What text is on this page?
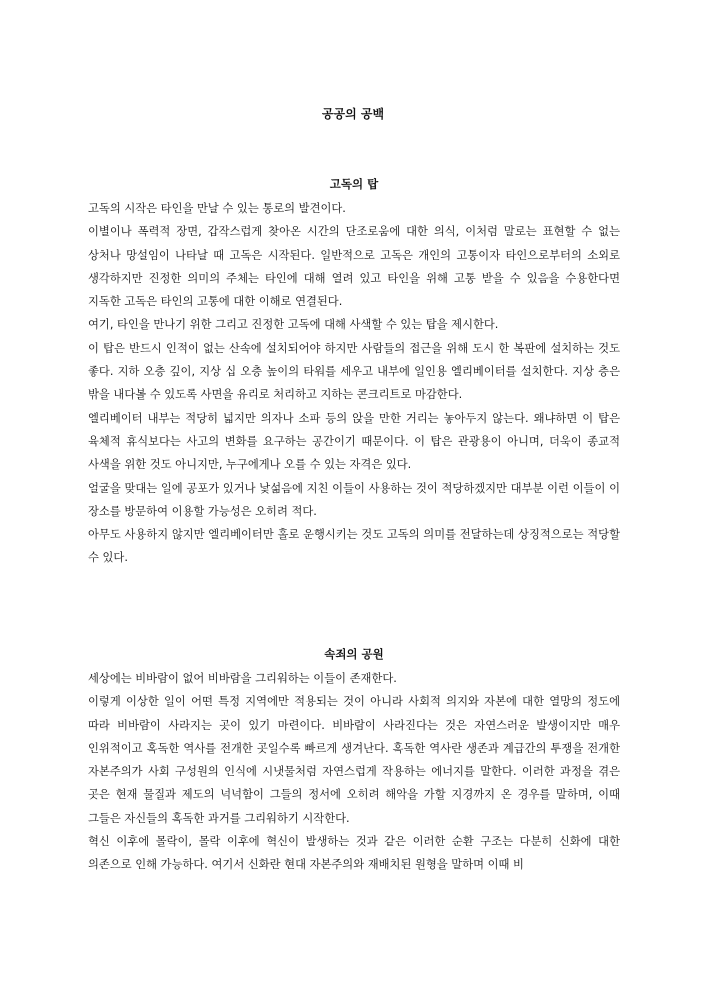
공공의 공백
고독의 탑

고독의 시작은 타인을 만날 수 있는 통로의 발견이다.

이별이나 폭력적 장면, 갑작스럽게 찾아온 시간의 단조로움에 대한 의식, 이처럼 말로는 표현할 수 없는 상처나 망설임이 나타날 때 고독은 시작된다. 일반적으로 고독은 개인의 고통이자 타인으로부터의 소외로 생각하지만 진정한 의미의 주체는 타인에 대해 열려 있고 타인을 위해 고통 받을 수 있음을 수용한다면 지독한 고독은 타인의 고통에 대한 이해로 연결된다.

여기, 타인을 만나기 위한 그리고 진정한 고독에 대해 사색할 수 있는 탑을 제시한다.

이 탑은 반드시 인적이 없는 산속에 설치되어야 하지만 사람들의 접근을 위해 도시 한 복판에 설치하는 것도 좋다. 지하 오층 깊이, 지상 십 오층 높이의 타워를 세우고 내부에 일인용 엘리베이터를 설치한다. 지상 층은 밖을 내다볼 수 있도록 사면을 유리로 처리하고 지하는 콘크리트로 마감한다.

엘리베이터 내부는 적당히 넓지만 의자나 소파 등의 앉을 만한 거리는 놓아두지 않는다. 왜냐하면 이 탑은 육체적 휴식보다는 사고의 변화를 요구하는 공간이기 때문이다. 이 탑은 관광용이 아니며, 더욱이 종교적 사색을 위한 것도 아니지만, 누구에게나 오를 수 있는 자격은 있다.

얼굴을 맞대는 일에 공포가 있거나 낯섦음에 지친 이들이 사용하는 것이 적당하겠지만 대부분 이런 이들이 이 장소를 방문하여 이용할 가능성은 오히려 적다.

아무도 사용하지 않지만 엘리베이터만 홀로 운행시키는 것도 고독의 의미를 전달하는데 상징적으로는 적당할 수 있다.

속죄의 공원

세상에는 비바람이 없어 비바람을 그리워하는 이들이 존재한다.

이렇게 이상한 일이 어떤 특정 지역에만 적용되는 것이 아니라 사회적 의지와 자본에 대한 열망의 정도에 따라 비바람이 사라지는 곳이 있기 마련이다. 비바람이 사라진다는 것은 자연스러운 발생이지만 매우 인위적이고 혹독한 역사를 전개한 곳일수록 빠르게 생겨난다. 혹독한 역사란 생존과 계급간의 투쟁을 전개한 자본주의가 사회 구성원의 인식에 시냇물처럼 자연스럽게 작용하는 에너지를 말한다. 이러한 과정을 겪은 곳은 현재 물질과 제도의 넉넉함이 그들의 정서에 오히려 해악을 가할 지경까지 온 경우를 말하며, 이때 그들은 자신들의 혹독한 과거를 그리워하기 시작한다.

혁신 이후에 몰락이, 몰락 이후에 혁신이 발생하는 것과 같은 이러한 순환 구조는 다분히 신화에 대한 의존으로 인해 가능하다. 여기서 신화란 현대 자본주의와 재배치된 원형을 말하며 이때 비
